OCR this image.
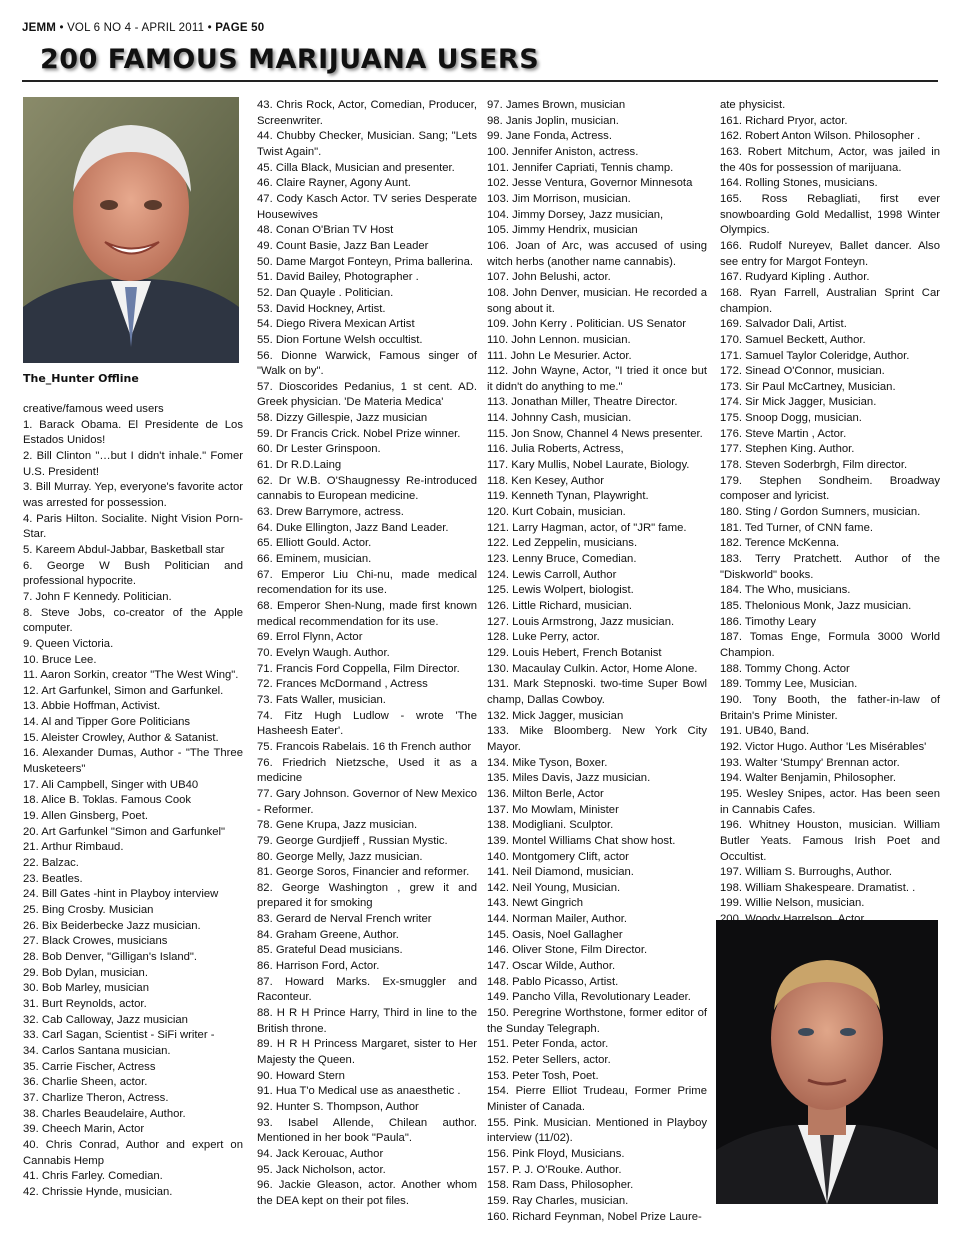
JEMM • VOL 6 NO 4 - APRIL 2011 • PAGE 50
200 FAMOUS MARIJUANA USERS
The_Hunter Offline

creative/famous weed users

1. Barack Obama. El Presidente de Los Estados Unidos!

2. Bill Clinton "…but I didn't inhale." Fomer U.S. President!

3. Bill Murray. Yep, everyone's favorite actor was arrested for possession.

4. Paris Hilton. Socialite. Night Vision Porn-Star.

5. Kareem Abdul-Jabbar, Basketball star

6. George W Bush Politician and professional hypocrite.

7. John F Kennedy. Politician.

8. Steve Jobs, co-creator of the Apple computer.

9. Queen Victoria.

10. Bruce Lee.

11. Aaron Sorkin, creator "The West Wing".

12. Art Garfunkel, Simon and Garfunkel.

13. Abbie Hoffman, Activist.

14. Al and Tipper Gore Politicians

15. Aleister Crowley, Author & Satanist.

16. Alexander Dumas, Author - "The Three Musketeers"

17. Ali Campbell, Singer with UB40

18. Alice B. Toklas. Famous Cook

19. Allen Ginsberg, Poet.

20. Art Garfunkel "Simon and Garfunkel"

21. Arthur Rimbaud.

22. Balzac.

23. Beatles.

24. Bill Gates -hint in Playboy interview

25. Bing Crosby. Musician

26. Bix Beiderbecke Jazz musician.

27. Black Crowes, musicians

28. Bob Denver, "Gilligan's Island".

29. Bob Dylan, musician.

30. Bob Marley, musician

31. Burt Reynolds, actor.

32. Cab Calloway, Jazz musician

33. Carl Sagan, Scientist - SiFi writer -

34. Carlos Santana musician.

35. Carrie Fischer, Actress

36. Charlie Sheen, actor.

37. Charlize Theron, Actress.

38. Charles Beaudelaire, Author.

39. Cheech Marin, Actor

40. Chris Conrad, Author and expert on Cannabis Hemp

41. Chris Farley. Comedian.

42. Chrissie Hynde, musician.

43. Chris Rock, Actor, Comedian, Producer, Screenwriter.

44. Chubby Checker, Musician. Sang; "Lets Twist Again".

45. Cilla Black, Musician and presenter.

46. Claire Rayner, Agony Aunt.

47. Cody Kasch Actor. TV series Desperate Housewives

48. Conan O'Brian TV Host

49. Count Basie, Jazz Ban Leader

50. Dame Margot Fonteyn, Prima ballerina.

51. David Bailey, Photographer .

52. Dan Quayle . Politician.

53. David Hockney, Artist.

54. Diego Rivera Mexican Artist

55. Dion Fortune Welsh occultist.

56. Dionne Warwick, Famous singer of "Walk on by".

57. Dioscorides Pedanius, 1 st cent. AD. Greek physician. 'De Materia Medica'

58. Dizzy Gillespie, Jazz musician

59. Dr Francis Crick. Nobel Prize winner.

60. Dr Lester Grinspoon.

61. Dr R.D.Laing

62. Dr W.B. O'Shaugnessy Re-introduced cannabis to European medicine.

63. Drew Barrymore, actress.

64. Duke Ellington, Jazz Band Leader.

65. Elliott Gould. Actor.

66. Eminem, musician.

67. Emperor Liu Chi-nu, made medical recomendation for its use.

68. Emperor Shen-Nung, made first known medical recommendation for its use.

69. Errol Flynn, Actor

70. Evelyn Waugh. Author.

71. Francis Ford Coppella, Film Director.

72. Frances McDormand , Actress

73. Fats Waller, musician.

74. Fitz Hugh Ludlow - wrote 'The Hasheesh Eater'.

75. Francois Rabelais. 16 th French author

76. Friedrich Nietzsche, Used it as a medicine

77. Gary Johnson. Governor of New Mexico - Reformer.

78. Gene Krupa, Jazz musician.

79. George Gurdjieff , Russian Mystic.

80. George Melly, Jazz musician.

81. George Soros, Financier and reformer.

82. George Washington , grew it and prepared it for smoking

83. Gerard de Nerval French writer

84. Graham Greene, Author.

85. Grateful Dead musicians.

86. Harrison Ford, Actor.

87. Howard Marks. Ex-smuggler and Raconteur.

88. H R H Prince Harry, Third in line to the British throne.

89. H R H Princess Margaret, sister to Her Majesty the Queen.

90. Howard Stern

91. Hua T'o Medical use as anaesthetic .

92. Hunter S. Thompson, Author

93. Isabel Allende, Chilean author. Mentioned in her book "Paula".

94. Jack Kerouac, Author

95. Jack Nicholson, actor.

96. Jackie Gleason, actor. Another whom the DEA kept on their pot files.

97. James Brown, musician

98. Janis Joplin, musician.

99. Jane Fonda, Actress.

100. Jennifer Aniston, actress.

101. Jennifer Capriati, Tennis champ.

102. Jesse Ventura, Governor Minnesota

103. Jim Morrison, musician.

104. Jimmy Dorsey, Jazz musician,

105. Jimmy Hendrix, musician

106. Joan of Arc, was accused of using witch herbs (another name cannabis).

107. John Belushi, actor.

108. John Denver, musician. He recorded a song about it.

109. John Kerry . Politician. US Senator

110. John Lennon. musician.

111. John Le Mesurier. Actor.

112. John Wayne, Actor, "I tried it once but it didn't do anything to me."

113. Jonathan Miller, Theatre Director.

114. Johnny Cash, musician.

115. Jon Snow, Channel 4 News presenter.

116. Julia Roberts, Actress,

117. Kary Mullis, Nobel Laurate, Biology.

118. Ken Kesey, Author

119. Kenneth Tynan, Playwright.

120. Kurt Cobain, musician.

121. Larry Hagman, actor, of "JR" fame.

122. Led Zeppelin, musicians.

123. Lenny Bruce, Comedian.

124. Lewis Carroll, Author

125. Lewis Wolpert, biologist.

126. Little Richard, musician.

127. Louis Armstrong, Jazz musician.

128. Luke Perry, actor.

129. Louis Hebert, French Botanist

130. Macaulay Culkin. Actor, Home Alone.

131. Mark Stepnoski. two-time Super Bowl champ, Dallas Cowboy.

132. Mick Jagger, musician

133. Mike Bloomberg. New York City Mayor.

134. Mike Tyson, Boxer.

135. Miles Davis, Jazz musician.

136. Milton Berle, Actor

137. Mo Mowlam, Minister

138. Modigliani. Sculptor.

139. Montel Williams Chat show host.

140. Montgomery Clift, actor

141. Neil Diamond, musician.

142. Neil Young, Musician.

143. Newt Gingrich

144. Norman Mailer, Author.

145. Oasis, Noel Gallagher

146. Oliver Stone, Film Director.

147. Oscar Wilde, Author.

148. Pablo Picasso, Artist.

149. Pancho Villa, Revolutionary Leader.

150. Peregrine Worthstone, former editor of the Sunday Telegraph.

151. Peter Fonda, actor.

152. Peter Sellers, actor.

153. Peter Tosh, Poet.

154. Pierre Elliot Trudeau, Former Prime Minister of Canada.

155. Pink. Musician. Mentioned in Playboy interview (11/02).

156. Pink Floyd, Musicians.

157. P. J. O'Rouke. Author.

158. Ram Dass, Philosopher.

159. Ray Charles, musician.

160. Richard Feynman, Nobel Prize Laure-

ate physicist.

161. Richard Pryor, actor.

162. Robert Anton Wilson. Philosopher .

163. Robert Mitchum, Actor, was jailed in the 40s for possession of marijuana.

164. Rolling Stones, musicians.

165. Ross Rebagliati, first ever snowboarding Gold Medallist, 1998 Winter Olympics.

166. Rudolf Nureyev, Ballet dancer. Also see entry for Margot Fonteyn.

167. Rudyard Kipling . Author.

168. Ryan Farrell, Australian Sprint Car champion.

169. Salvador Dali, Artist.

170. Samuel Beckett, Author.

171. Samuel Taylor Coleridge, Author.

172. Sinead O'Connor, musician.

173. Sir Paul McCartney, Musician.

174. Sir Mick Jagger, Musician.

175. Snoop Dogg, musician.

176. Steve Martin , Actor.

177. Stephen King. Author.

178. Steven Soderbrgh, Film director.

179. Stephen Sondheim. Broadway composer and lyricist.

180. Sting / Gordon Sumners, musician.

181. Ted Turner, of CNN fame.

182. Terence McKenna.

183. Terry Pratchett. Author of the "Diskworld" books.

184. The Who, musicians.

185. Thelonious Monk, Jazz musician.

186. Timothy Leary

187. Tomas Enge, Formula 3000 World Champion.

188. Tommy Chong. Actor

189. Tommy Lee, Musician.

190. Tony Booth, the father-in-law of Britain's Prime Minister.

191. UB40, Band.

192. Victor Hugo. Author 'Les Misérables'

193. Walter 'Stumpy' Brennan actor.

194. Walter Benjamin, Philosopher.

195. Wesley Snipes, actor. Has been seen in Cannabis Cafes.

196. Whitney Houston, musician. William Butler Yeats. Famous Irish Poet and Occultist.

197. William S. Burroughs, Author.

198. William Shakespeare. Dramatist. .

199. Willie Nelson, musician.
